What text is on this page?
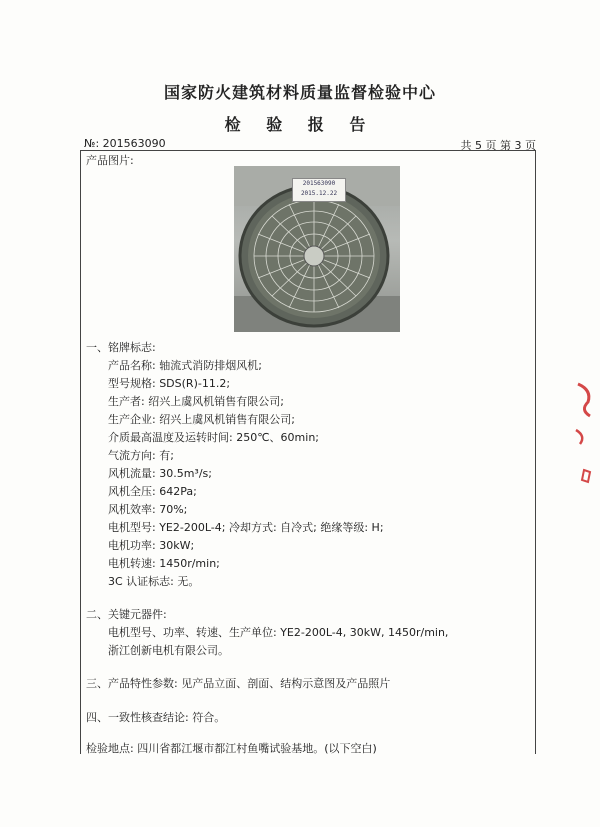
国家防火建筑材料质量监督检验中心
检 验 报 告
№: 201563090	共 5 页 第 3 页
产品图片:
201563090
2015.12.22
一、铭牌标志:
产品名称: 轴流式消防排烟风机;
型号规格: SDS(R)-11.2;
生产者: 绍兴上虞风机销售有限公司;
生产企业: 绍兴上虞风机销售有限公司;
介质最高温度及运转时间: 250℃、60min;
气流方向: 有;
风机流量: 30.5m³/s;
风机全压: 642Pa;
风机效率: 70%;
电机型号: YE2-200L-4; 冷却方式: 自冷式; 绝缘等级: H;
电机功率: 30kW;
电机转速: 1450r/min;
3C 认证标志: 无。
二、关键元器件:
电机型号、功率、转速、生产单位: YE2-200L-4, 30kW, 1450r/min,
浙江创新电机有限公司。
三、产品特性参数: 见产品立面、剖面、结构示意图及产品照片
四、一致性核查结论: 符合。
检验地点: 四川省都江堰市都江村鱼嘴试验基地。(以下空白)
